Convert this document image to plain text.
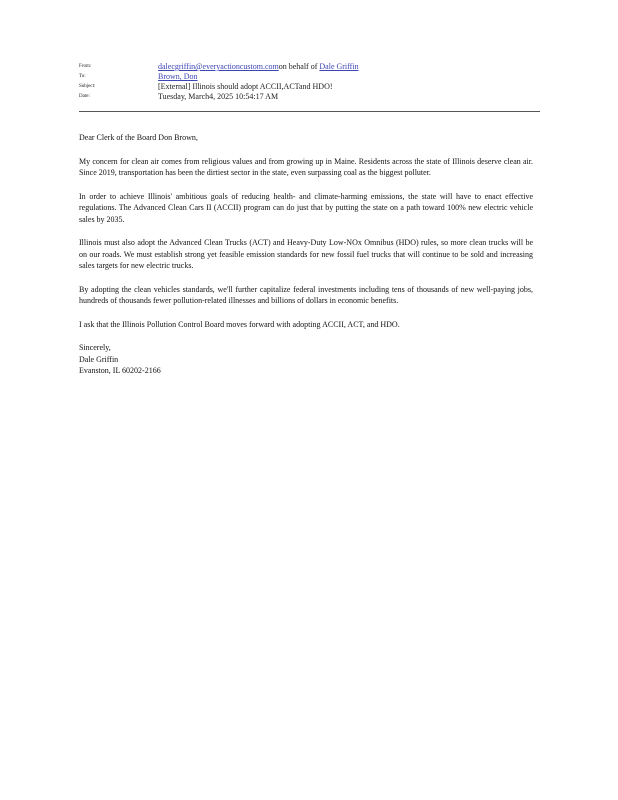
From:	dalecgriffin@everyactioncustom.comon behalf of Dale Griffin
To:	Brown, Don
Subject:	[External] Illinois should adopt ACCII,ACTand HDO!
Date:	Tuesday, March4, 2025 10:54:17 AM

Dear Clerk of the Board Don Brown,

My concern for clean air comes from religious values and from growing up in Maine. Residents across the state of Illinois deserve clean air. Since 2019, transportation has been the dirtiest sector in the state, even surpassing coal as the biggest polluter.

In order to achieve Illinois' ambitious goals of reducing health- and climate-harming emissions, the state will have to enact effective regulations. The Advanced Clean Cars II (ACCII) program can do just that by putting the state on a path toward 100% new electric vehicle sales by 2035.

Illinois must also adopt the Advanced Clean Trucks (ACT) and Heavy-Duty Low-NOx Omnibus (HDO) rules, so more clean trucks will be on our roads. We must establish strong yet feasible emission standards for new fossil fuel trucks that will continue to be sold and increasing sales targets for new electric trucks.

By adopting the clean vehicles standards, we'll further capitalize federal investments including tens of thousands of new well-paying jobs, hundreds of thousands fewer pollution-related illnesses and billions of dollars in economic benefits.

I ask that the Illinois Pollution Control Board moves forward with adopting ACCII, ACT, and HDO.

Sincerely,
Dale Griffin
Evanston, IL 60202-2166
